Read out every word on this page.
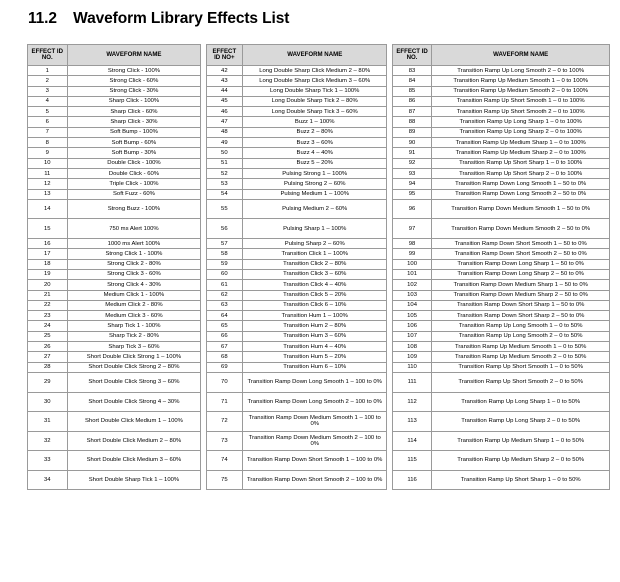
11.2 Waveform Library Effects List
EFFECT ID NO.	WAVEFORM NAME		EFFECT ID NO+	WAVEFORM NAME		EFFECT ID NO.	WAVEFORM NAME
1	Strong Click - 100%		42	Long Double Sharp Click Medium 2 – 80%		83	Transition Ramp Up Long Smooth 2 – 0 to 100%
2	Strong Click - 60%		43	Long Double Sharp Click Medium 3 – 60%		84	Transition Ramp Up Medium Smooth 1 – 0 to 100%
3	Strong Click - 30%		44	Long Double Sharp Tick 1 – 100%		85	Transition Ramp Up Medium Smooth 2 – 0 to 100%
4	Sharp Click - 100%		45	Long Double Sharp Tick 2 – 80%		86	Transition Ramp Up Short Smooth 1 – 0 to 100%
5	Sharp Click - 60%		46	Long Double Sharp Tick 3 – 60%		87	Transition Ramp Up Short Smooth 2 – 0 to 100%
6	Sharp Click - 30%		47	Buzz 1 – 100%		88	Transition Ramp Up Long Sharp 1 – 0 to 100%
7	Soft Bump - 100%		48	Buzz 2 – 80%		89	Transition Ramp Up Long Sharp 2 – 0 to 100%
8	Soft Bump - 60%		49	Buzz 3 – 60%		90	Transition Ramp Up Medium Sharp 1 – 0 to 100%
9	Soft Bump - 30%		50	Buzz 4 – 40%		91	Transition Ramp Up Medium Sharp 2 – 0 to 100%
10	Double Click - 100%		51	Buzz 5 – 20%		92	Transition Ramp Up Short Sharp 1 – 0 to 100%
11	Double Click - 60%		52	Pulsing Strong 1 – 100%		93	Transition Ramp Up Short Sharp 2 – 0 to 100%
12	Triple Click - 100%		53	Pulsing Strong 2 – 60%		94	Transition Ramp Down Long Smooth 1 – 50 to 0%
13	Soft Fuzz - 60%		54	Pulsing Medium 1 – 100%		95	Transition Ramp Down Long Smooth 2 – 50 to 0%
14	Strong Buzz - 100%		55	Pulsing Medium 2 – 60%		96	Transition Ramp Down Medium Smooth 1 – 50 to 0%
15	750 ms Alert 100%		56	Pulsing Sharp 1 – 100%		97	Transition Ramp Down Medium Smooth 2 – 50 to 0%
16	1000 ms Alert 100%		57	Pulsing Sharp 2 – 60%		98	Transition Ramp Down Short Smooth 1 – 50 to 0%
17	Strong Click 1 - 100%		58	Transition Click 1 – 100%		99	Transition Ramp Down Short Smooth 2 – 50 to 0%
18	Strong Click 2 - 80%		59	Transition Click 2 – 80%		100	Transition Ramp Down Long Sharp 1 – 50 to 0%
19	Strong Click 3 - 60%		60	Transition Click 3 – 60%		101	Transition Ramp Down Long Sharp 2 – 50 to 0%
20	Strong Click 4 - 30%		61	Transition Click 4 – 40%		102	Transition Ramp Down Medium Sharp 1 – 50 to 0%
21	Medium Click 1 - 100%		62	Transition Click 5 – 20%		103	Transition Ramp Down Medium Sharp 2 – 50 to 0%
22	Medium Click 2 - 80%		63	Transition Click 6 – 10%		104	Transition Ramp Down Short Sharp 1 – 50 to 0%
23	Medium Click 3 - 60%		64	Transition Hum 1 – 100%		105	Transition Ramp Down Short Sharp 2 – 50 to 0%
24	Sharp Tick 1 - 100%		65	Transition Hum 2 – 80%		106	Transition Ramp Up Long Smooth 1 – 0 to 50%
25	Sharp Tick 2 - 80%		66	Transition Hum 3 – 60%		107	Transition Ramp Up Long Smooth 2 – 0 to 50%
26	Sharp Tick 3 – 60%		67	Transition Hum 4 – 40%		108	Transition Ramp Up Medium Smooth 1 – 0 to 50%
27	Short Double Click Strong 1 – 100%		68	Transition Hum 5 – 20%		109	Transition Ramp Up Medium Smooth 2 – 0 to 50%
28	Short Double Click Strong 2 – 80%		69	Transition Hum 6 – 10%		110	Transition Ramp Up Short Smooth 1 – 0 to 50%
29	Short Double Click Strong 3 – 60%		70	Transition Ramp Down Long Smooth 1 – 100 to 0%		111	Transition Ramp Up Short Smooth 2 – 0 to 50%
30	Short Double Click Strong 4 – 30%		71	Transition Ramp Down Long Smooth 2 – 100 to 0%		112	Transition Ramp Up Long Sharp 1 – 0 to 50%
31	Short Double Click Medium 1 – 100%		72	Transition Ramp Down Medium Smooth 1 – 100 to 0%		113	Transition Ramp Up Long Sharp 2 – 0 to 50%
32	Short Double Click Medium 2 – 80%		73	Transition Ramp Down Medium Smooth 2 – 100 to 0%		114	Transition Ramp Up Medium Sharp 1 – 0 to 50%
33	Short Double Click Medium 3 – 60%		74	Transition Ramp Down Short Smooth 1 – 100 to 0%		115	Transition Ramp Up Medium Sharp 2 – 0 to 50%
34	Short Double Sharp Tick 1 – 100%		75	Transition Ramp Down Short Smooth 2 – 100 to 0%		116	Transition Ramp Up Short Sharp 1 – 0 to 50%
